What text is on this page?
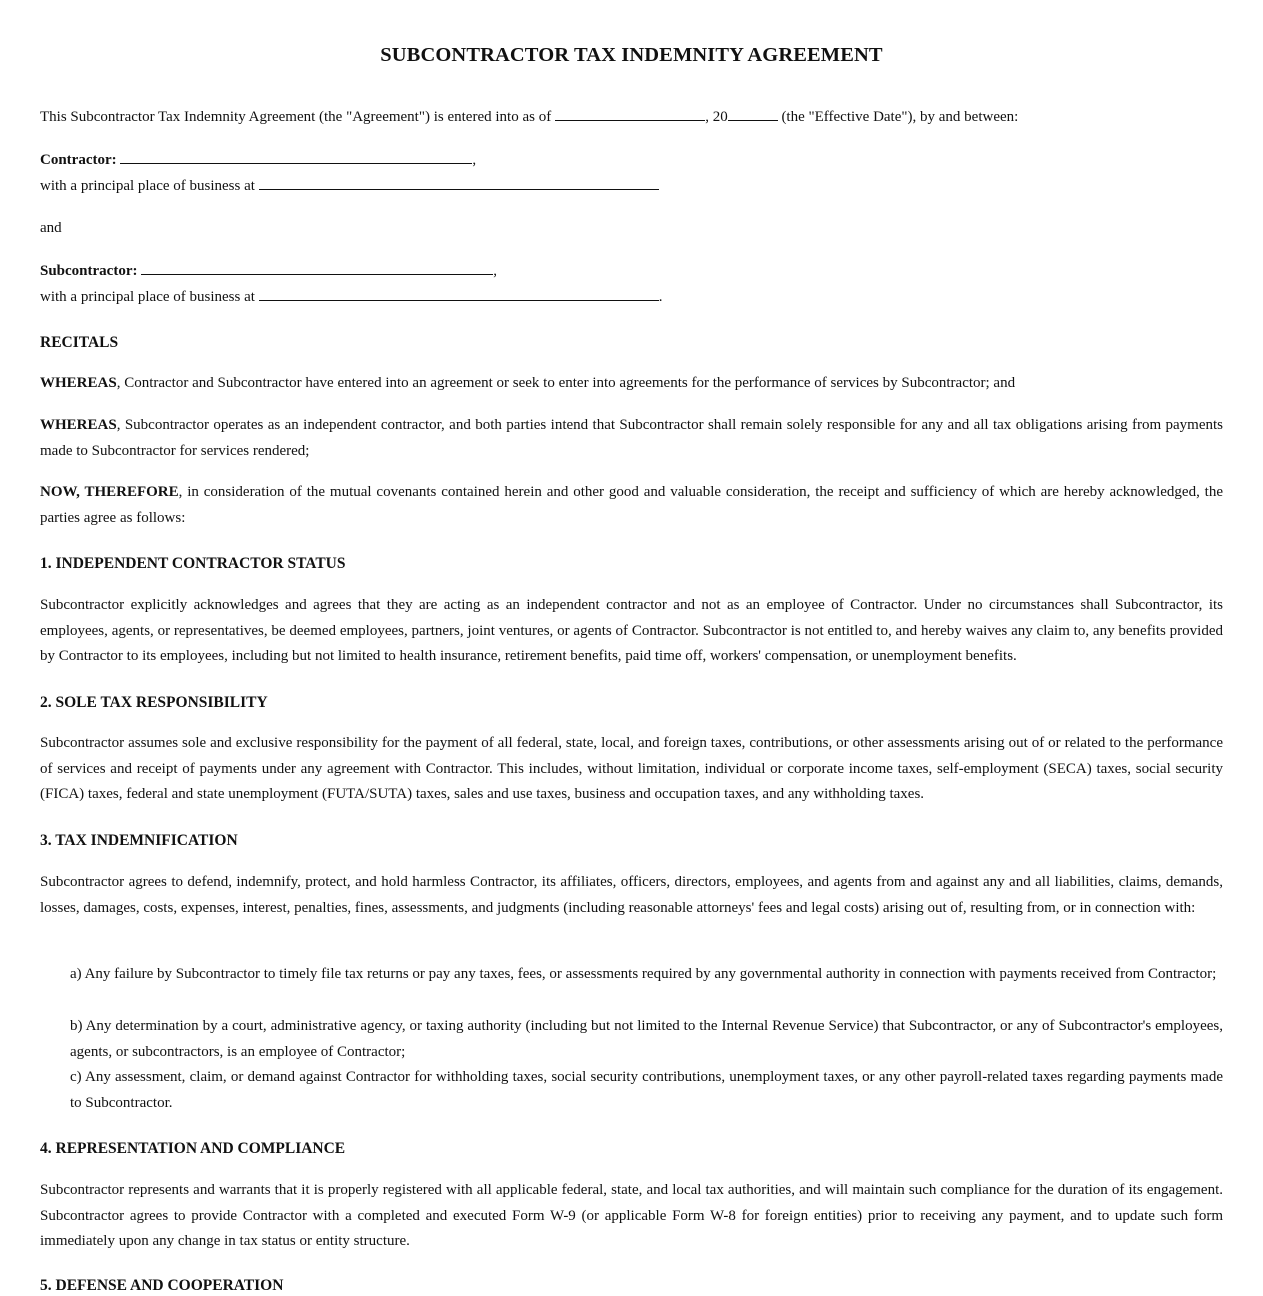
SUBCONTRACTOR TAX INDEMNITY AGREEMENT

This Subcontractor Tax Indemnity Agreement (the "Agreement") is entered into as of	, 20	(the "Effective Date"), by and between:

Contractor:	,

with a principal place of business at

and

Subcontractor:	,

with a principal place of business at	.

RECITALS

WHEREAS, Contractor and Subcontractor have entered into an agreement or seek to enter into agreements for the performance of services by Subcontractor; and

WHEREAS, Subcontractor operates as an independent contractor, and both parties intend that Subcontractor shall remain solely responsible for any and all tax obligations arising from payments made to Subcontractor for services rendered;

NOW, THEREFORE, in consideration of the mutual covenants contained herein and other good and valuable consideration, the receipt and sufficiency of which are hereby acknowledged, the parties agree as follows:

1. INDEPENDENT CONTRACTOR STATUS

Subcontractor explicitly acknowledges and agrees that they are acting as an independent contractor and not as an employee of Contractor. Under no circumstances shall Subcontractor, its employees, agents, or representatives, be deemed employees, partners, joint ventures, or agents of Contractor. Subcontractor is not entitled to, and hereby waives any claim to, any benefits provided by Contractor to its employees, including but not limited to health insurance, retirement benefits, paid time off, workers' compensation, or unemployment benefits.

2. SOLE TAX RESPONSIBILITY

Subcontractor assumes sole and exclusive responsibility for the payment of all federal, state, local, and foreign taxes, contributions, or other assessments arising out of or related to the performance of services and receipt of payments under any agreement with Contractor. This includes, without limitation, individual or corporate income taxes, self-employment (SECA) taxes, social security (FICA) taxes, federal and state unemployment (FUTA/SUTA) taxes, sales and use taxes, business and occupation taxes, and any withholding taxes.

3. TAX INDEMNIFICATION

Subcontractor agrees to defend, indemnify, protect, and hold harmless Contractor, its affiliates, officers, directors, employees, and agents from and against any and all liabilities, claims, demands, losses, damages, costs, expenses, interest, penalties, fines, assessments, and judgments (including reasonable attorneys' fees and legal costs) arising out of, resulting from, or in connection with:

a) Any failure by Subcontractor to timely file tax returns or pay any taxes, fees, or assessments required by any governmental authority in connection with payments received from Contractor;

b) Any determination by a court, administrative agency, or taxing authority (including but not limited to the Internal Revenue Service) that Subcontractor, or any of Subcontractor's employees, agents, or subcontractors, is an employee of Contractor;

c) Any assessment, claim, or demand against Contractor for withholding taxes, social security contributions, unemployment taxes, or any other payroll-related taxes regarding payments made to Subcontractor.

4. REPRESENTATION AND COMPLIANCE

Subcontractor represents and warrants that it is properly registered with all applicable federal, state, and local tax authorities, and will maintain such compliance for the duration of its engagement. Subcontractor agrees to provide Contractor with a completed and executed Form W-9 (or applicable Form W-8 for foreign entities) prior to receiving any payment, and to update such form immediately upon any change in tax status or entity structure.

5. DEFENSE AND COOPERATION
